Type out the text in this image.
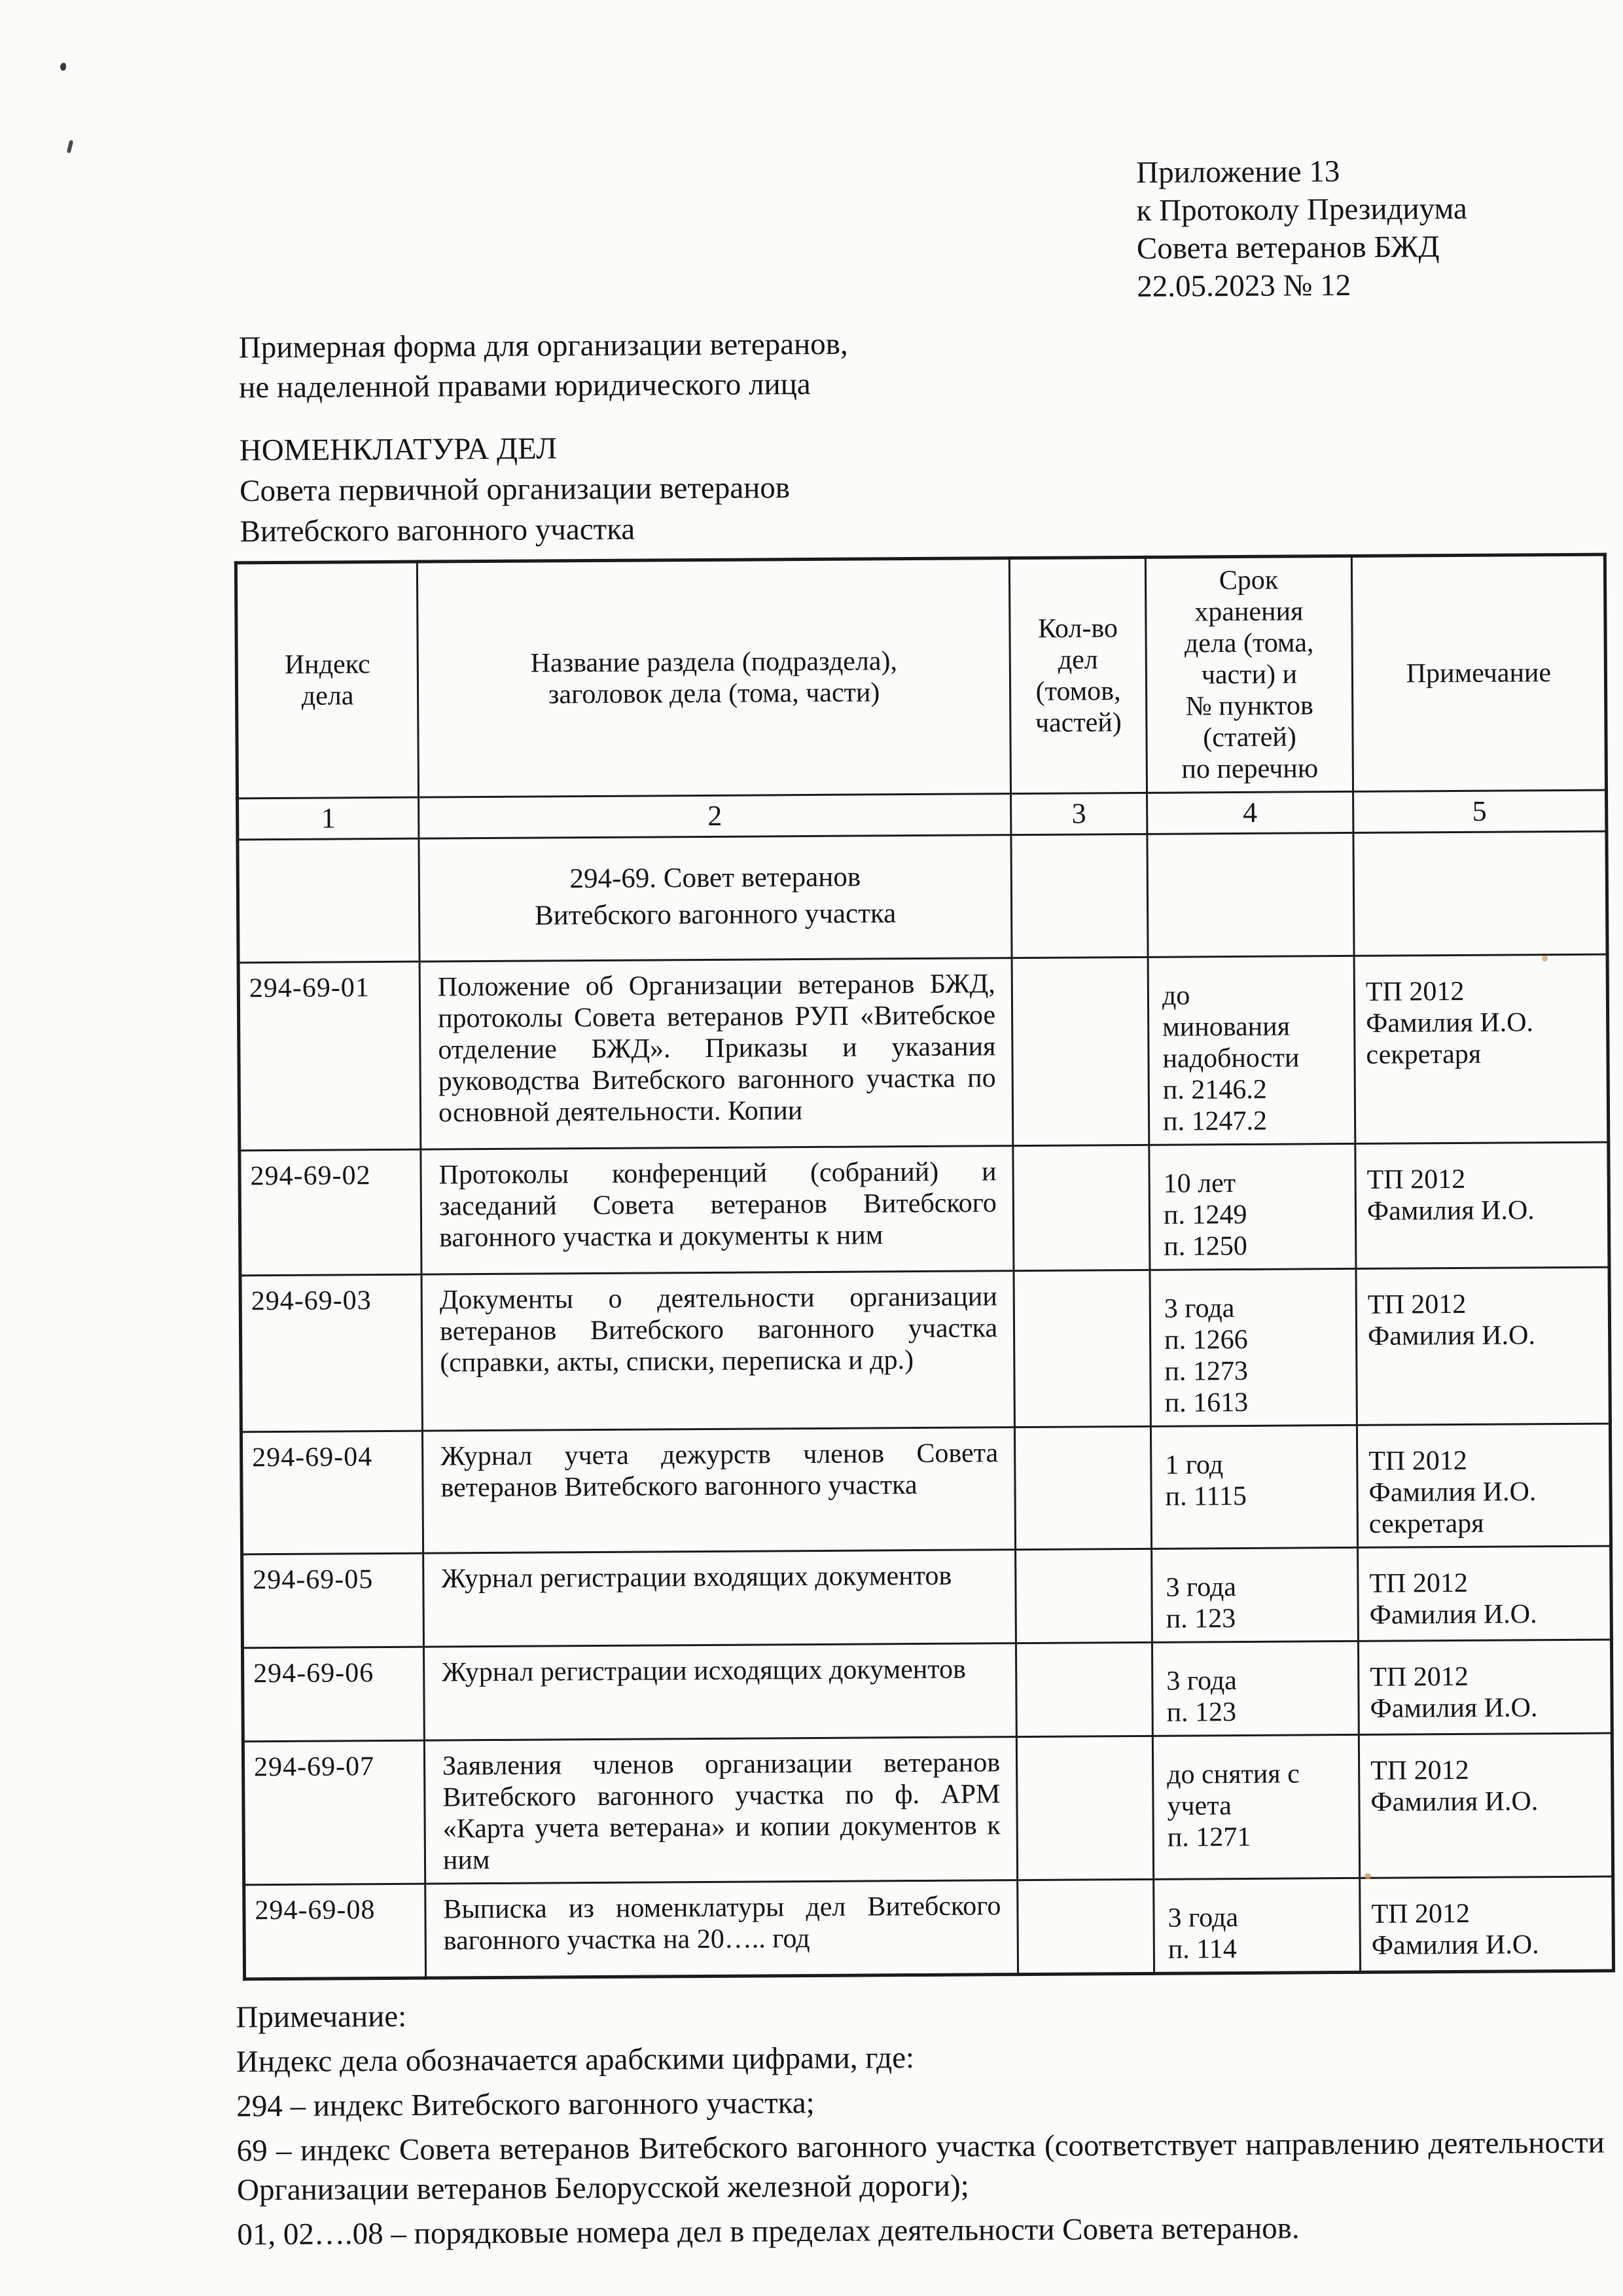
Приложение 13
к Протоколу Президиума
Совета ветеранов БЖД
22.05.2023 № 12
Примерная форма для организации ветеранов,
не наделенной правами юридического лица
НОМЕНКЛАТУРА ДЕЛ
Совета первичной организации ветеранов
Витебского вагонного участка
Индекс
дела	Название раздела (подраздела),
заголовок дела (тома, части)	Кол-во
дел
(томов,
частей)	Срок
хранения
дела (тома,
части) и
№ пунктов
(статей)
по перечню	Примечание
1	2	3	4	5
	294-69. Совет ветеранов
Витебского вагонного участка			
294-69-01	Положение об Организации ветеранов БЖД, протоколы Совета ветеранов РУП «Витебское отделение БЖД». Приказы и указания руководства Витебского вагонного участка по основной деятельности. Копии		до
минования
надобности
п. 2146.2
п. 1247.2	ТП 2012
Фамилия И.О.
секретаря
294-69-02	Протоколы конференций (собраний) и заседаний Совета ветеранов Витебского вагонного участка и документы к ним		10 лет
п. 1249
п. 1250	ТП 2012
Фамилия И.О.
294-69-03	Документы о деятельности организации ветеранов Витебского вагонного участка (справки, акты, списки, переписка и др.)		3 года
п. 1266
п. 1273
п. 1613	ТП 2012
Фамилия И.О.
294-69-04	Журнал учета дежурств членов Совета ветеранов Витебского вагонного участка		1 год
п. 1115	ТП 2012
Фамилия И.О.
секретаря
294-69-05	Журнал регистрации входящих документов		3 года
п. 123	ТП 2012
Фамилия И.О.
294-69-06	Журнал регистрации исходящих документов		3 года
п. 123	ТП 2012
Фамилия И.О.
294-69-07	Заявления членов организации ветеранов Витебского вагонного участка по ф. АРМ «Карта учета ветерана» и копии документов к ним		до снятия с
учета
п. 1271	ТП 2012
Фамилия И.О.
294-69-08	Выписка из номенклатуры дел Витебского вагонного участка на 20….. год		3 года
п. 114	ТП 2012
Фамилия И.О.

Примечание:

Индекс дела обозначается арабскими цифрами, где:

294 – индекс Витебского вагонного участка;

69 – индекс Совета ветеранов Витебского вагонного участка (соответствует направлению деятельности Организации ветеранов Белорусской железной дороги);

01, 02….08 – порядковые номера дел в пределах деятельности Совета ветеранов.
